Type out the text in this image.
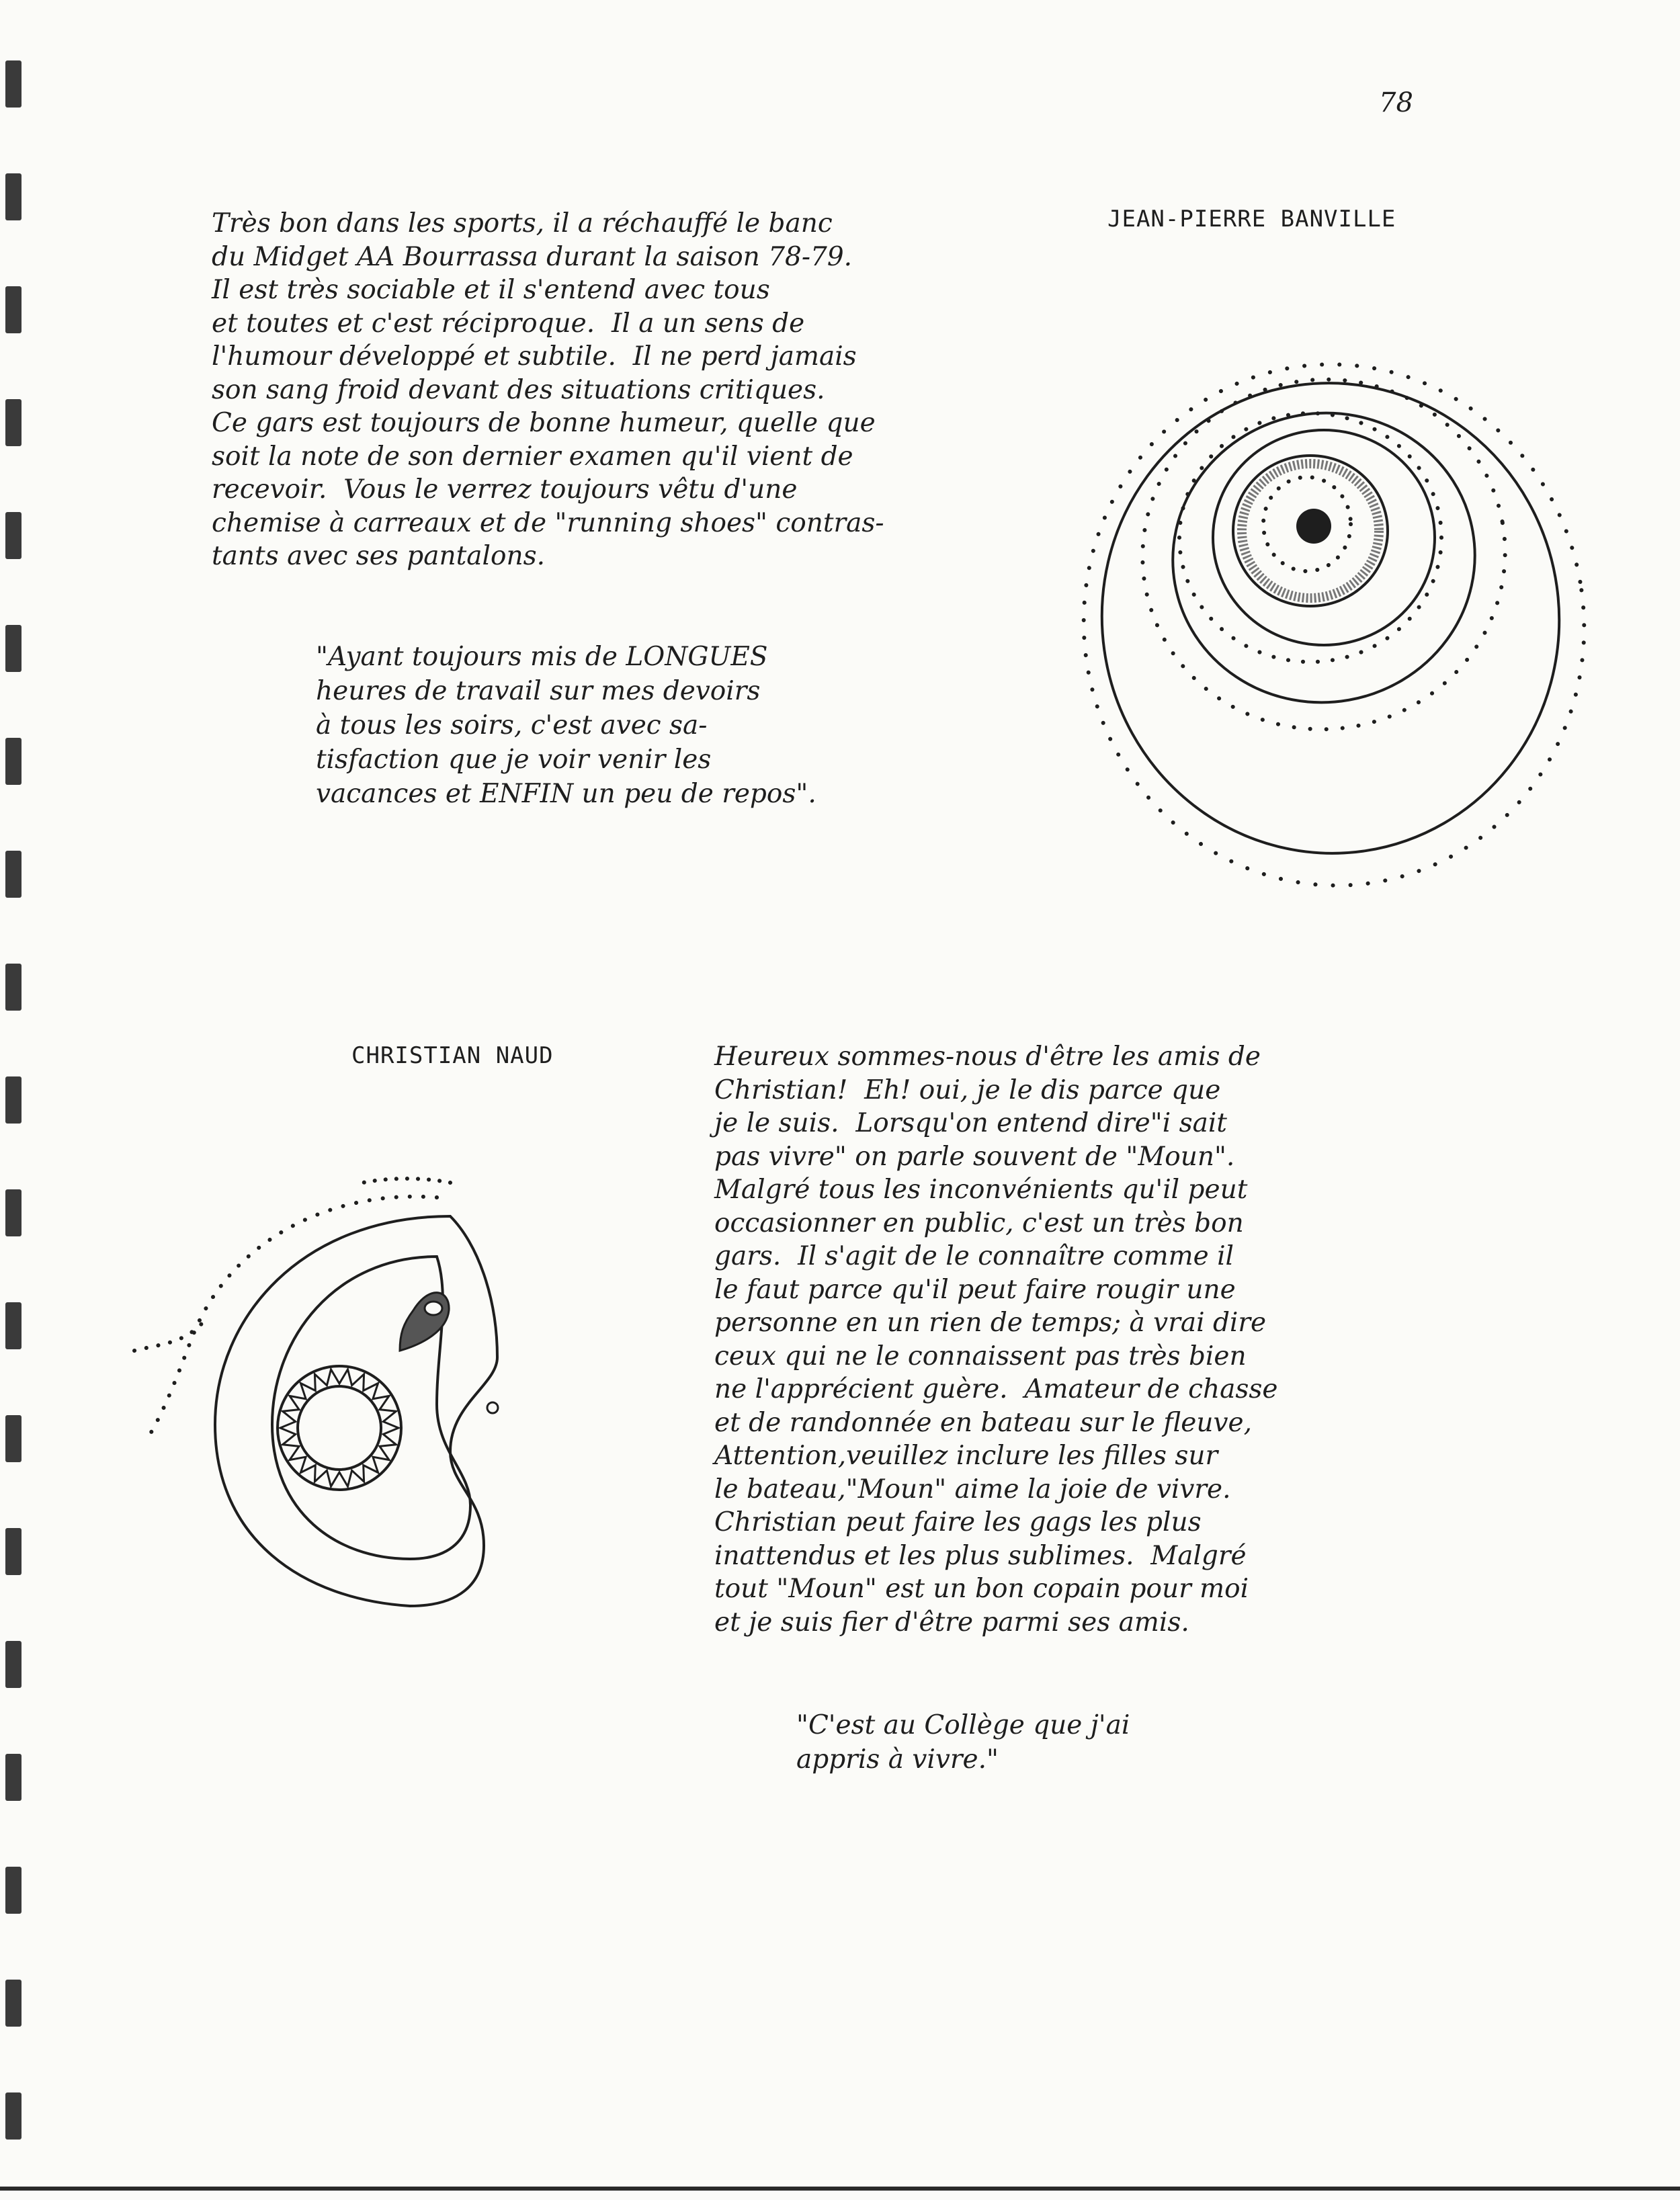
78
JEAN-PIERRE BANVILLE
Très bon dans les sports, il a réchauffé le banc
du Midget AA Bourrassa durant la saison 78-79.
Il est très sociable et il s'entend avec tous
et toutes et c'est réciproque.  Il a un sens de
l'humour développé et subtile.  Il ne perd jamais
son sang froid devant des situations critiques.
Ce gars est toujours de bonne humeur, quelle que
soit la note de son dernier examen qu'il vient de
recevoir.  Vous le verrez toujours vêtu d'une
chemise à carreaux et de "running shoes" contras-
tants avec ses pantalons.
"Ayant toujours mis de LONGUES
heures de travail sur mes devoirs
à tous les soirs, c'est avec sa-
tisfaction que je voir venir les
vacances et ENFIN un peu de repos".
CHRISTIAN NAUD	Heureux sommes-nous d'être les amis de
Christian!  Eh! oui, je le dis parce que
je le suis.  Lorsqu'on entend dire"i sait
pas vivre" on parle souvent de "Moun".
Malgré tous les inconvénients qu'il peut
occasionner en public, c'est un très bon
gars.  Il s'agit de le connaître comme il
le faut parce qu'il peut faire rougir une
personne en un rien de temps; à vrai dire
ceux qui ne le connaissent pas très bien
ne l'apprécient guère.  Amateur de chasse
et de randonnée en bateau sur le fleuve,
Attention,veuillez inclure les filles sur
le bateau,"Moun" aime la joie de vivre.
Christian peut faire les gags les plus
inattendus et les plus sublimes.  Malgré
tout "Moun" est un bon copain pour moi
et je suis fier d'être parmi ses amis.
"C'est au Collège que j'ai
appris à vivre."
